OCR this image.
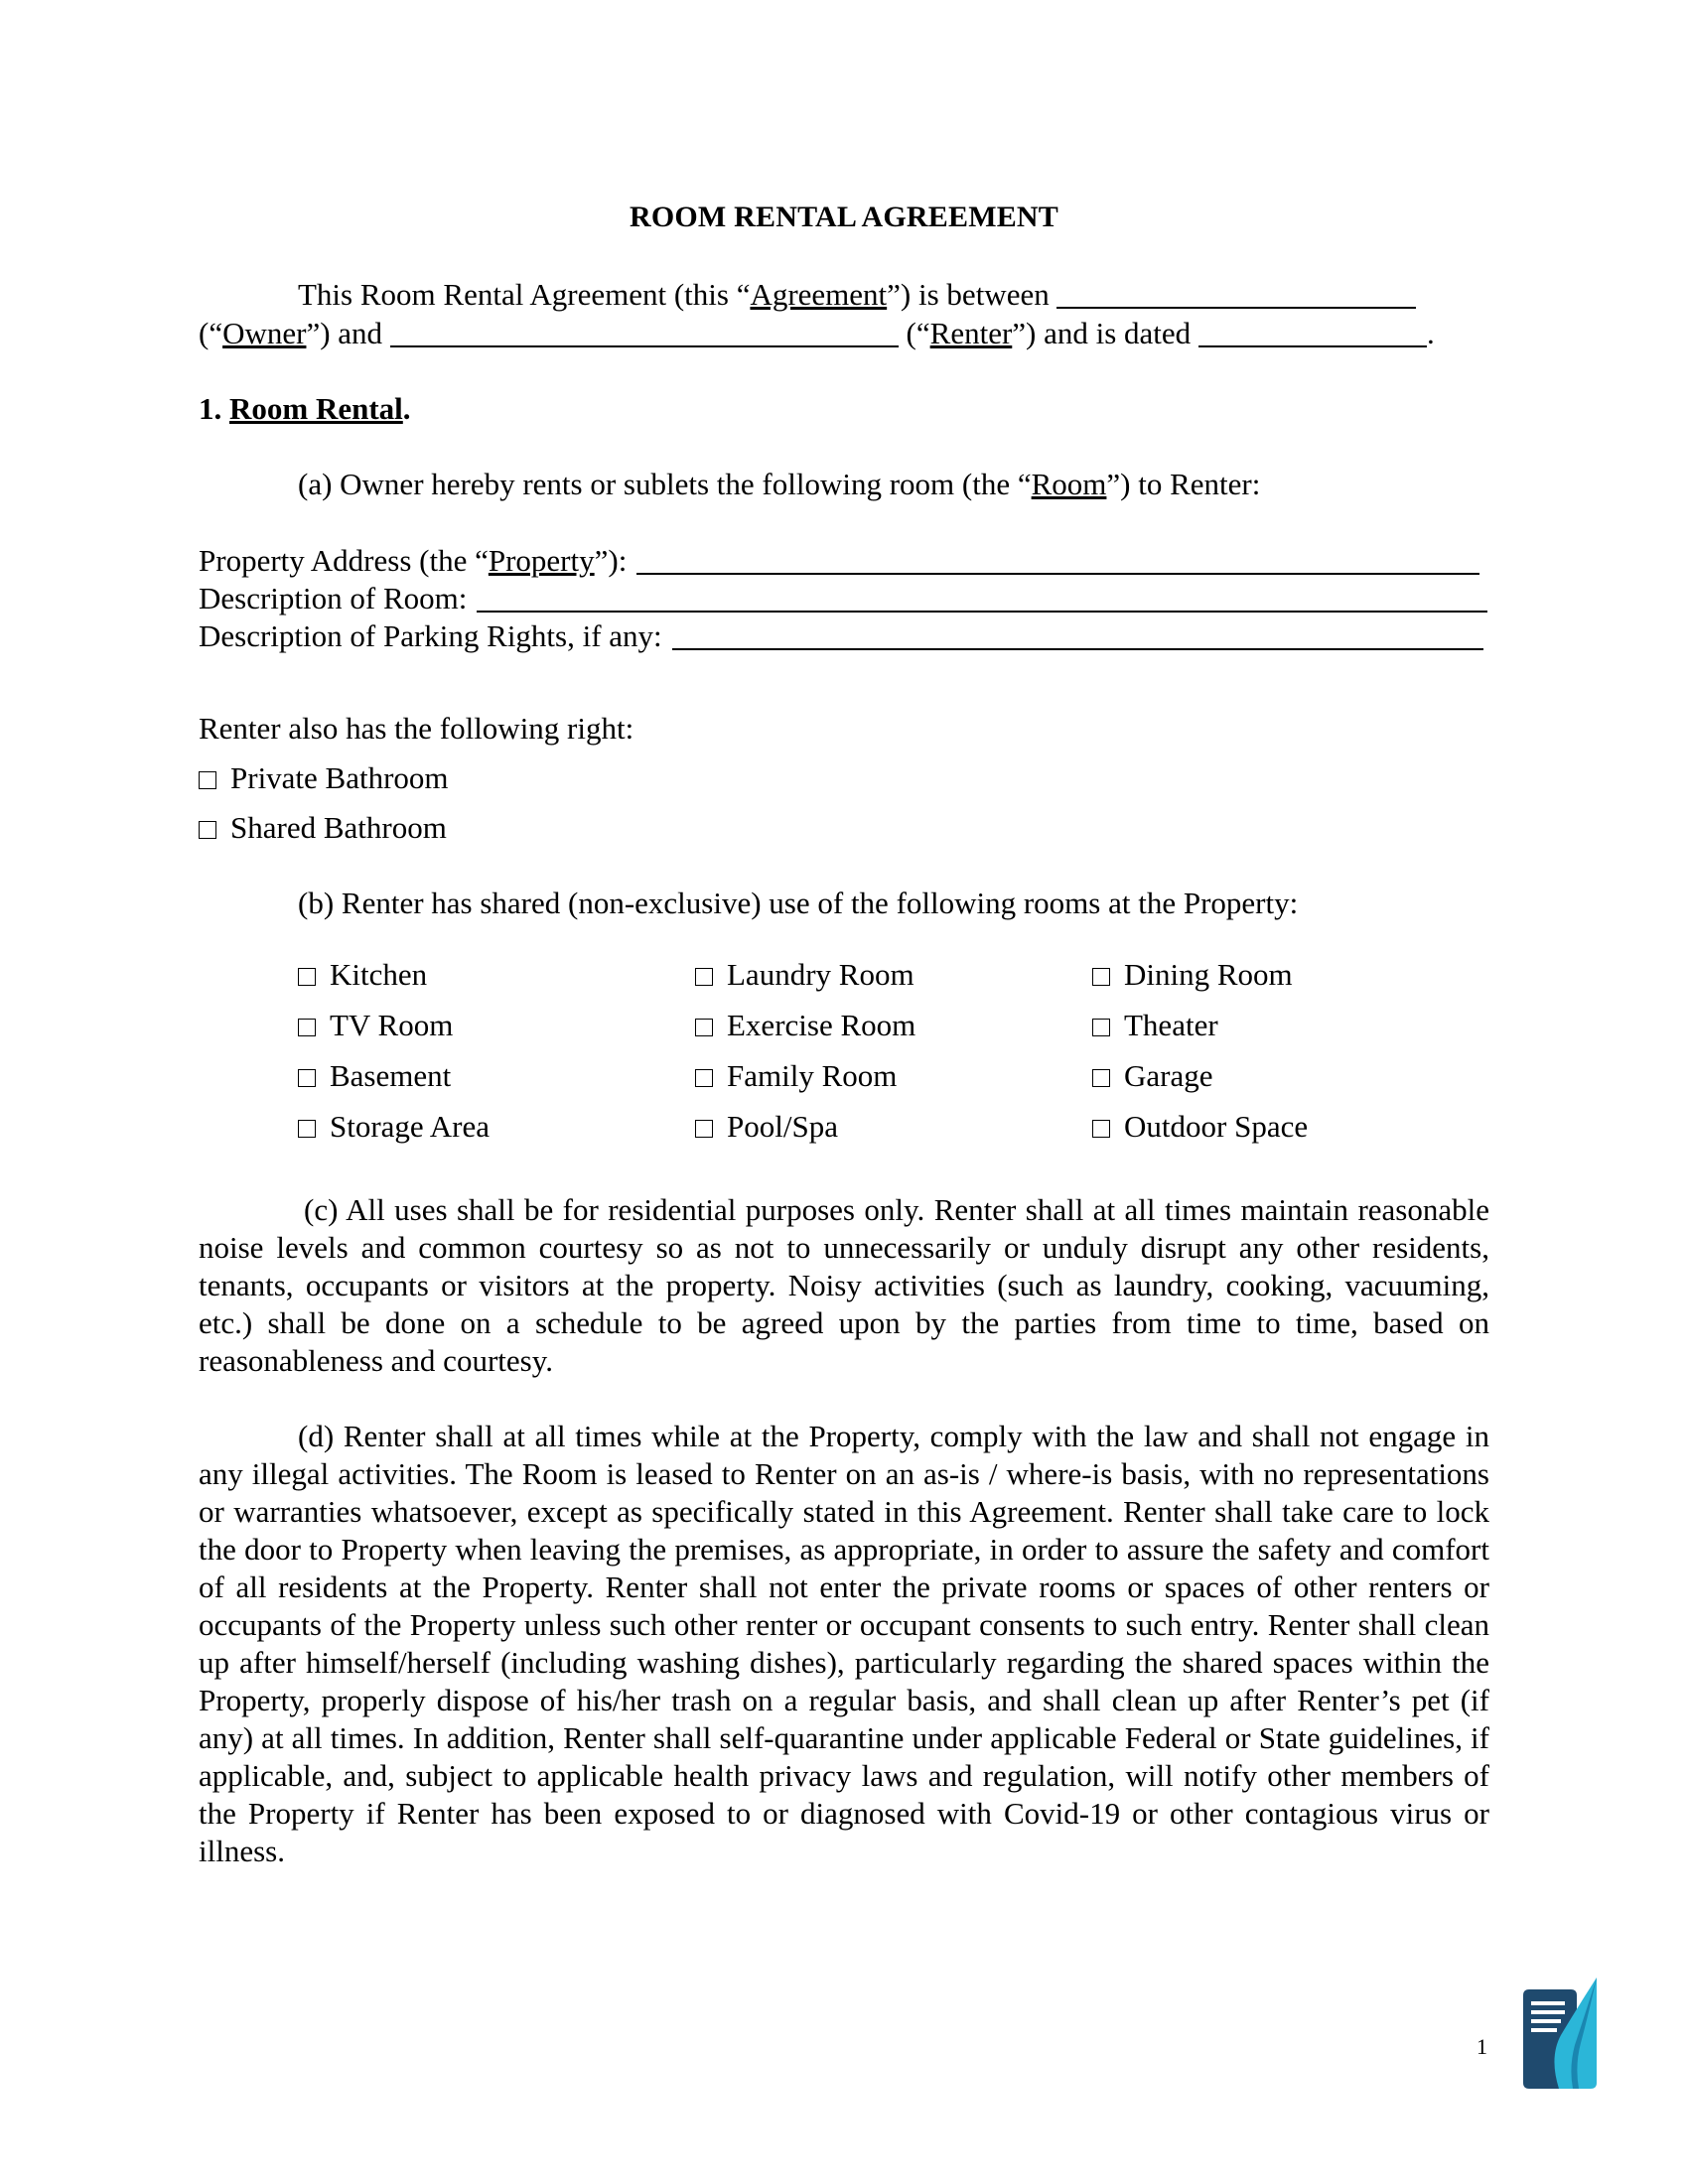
ROOM RENTAL AGREEMENT

This Room Rental Agreement (this “Agreement”) is between
(“Owner”) and	(“Renter”) and is dated	.

1. Room Rental.

(a) Owner hereby rents or sublets the following room (the “Room”) to Renter:

Property Address (the “ Property ”):
Description of Room:
Description of Parking Rights, if any:
Renter also has the following right:
Private Bathroom
Shared Bathroom

(b) Renter has shared (non-exclusive) use of the following rooms at the Property:

Kitchen	Laundry Room	Dining Room
TV Room	Exercise Room	Theater
Basement	Family Room	Garage
Storage Area	Pool/Spa	Outdoor Space

(c) All uses shall be for residential purposes only. Renter shall at all times maintain reasonable noise levels and common courtesy so as not to unnecessarily or unduly disrupt any other residents, tenants, occupants or visitors at the property. Noisy activities (such as laundry, cooking, vacuuming, etc.) shall be done on a schedule to be agreed upon by the parties from time to time, based on reasonableness and courtesy.

(d) Renter shall at all times while at the Property, comply with the law and shall not engage in any illegal activities. The Room is leased to Renter on an as-is / where-is basis, with no representations or warranties whatsoever, except as specifically stated in this Agreement. Renter shall take care to lock the door to Property when leaving the premises, as appropriate, in order to assure the safety and comfort of all residents at the Property. Renter shall not enter the private rooms or spaces of other renters or occupants of the Property unless such other renter or occupant consents to such entry. Renter shall clean up after himself/herself (including washing dishes), particularly regarding the shared spaces within the Property, properly dispose of his/her trash on a regular basis, and shall clean up after Renter’s pet (if any) at all times. In addition, Renter shall self-quarantine under applicable Federal or State guidelines, if applicable, and, subject to applicable health privacy laws and regulation, will notify other members of the Property if Renter has been exposed to or diagnosed with Covid-19 or other contagious virus or illness.

1
